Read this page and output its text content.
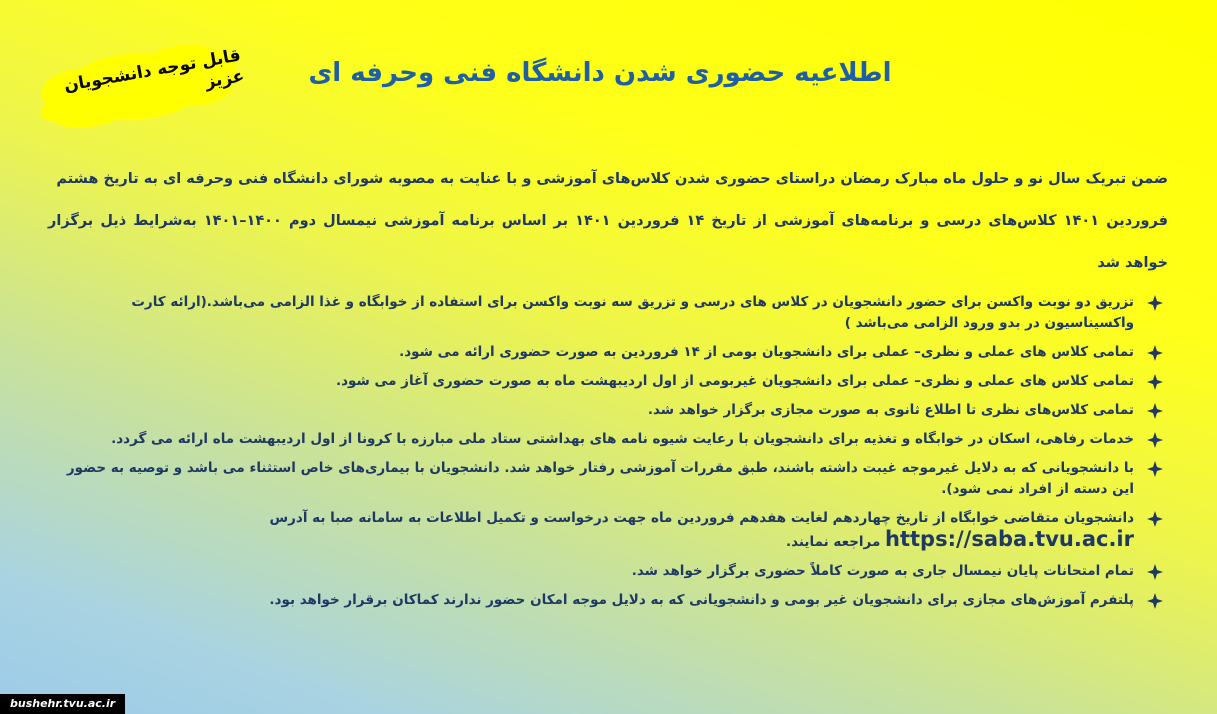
قابل توجه دانشجویان عزیز	اطلاعیه حضوری شدن دانشگاه فنی وحرفه ای

ضمن تبریک سال نو و حلول ماه مبارک رمضان دراستای حضوری شدن کلاس‌های آموزشی و با عنایت به مصوبه شورای دانشگاه فنی وحرفه ای به تاریخ هشتم

فروردین ۱۴۰۱ کلاس‌های درسی و برنامه‌های آموزشی از تاریخ ۱۴ فروردین ۱۴۰۱ بر اساس برنامه آموزشی نیمسال دوم ۱۴۰۰–۱۴۰۱ به‌شرایط ذیل برگزار خواهد شد

تزریق دو نوبت واکسن برای حضور دانشجویان در کلاس های درسی و تزریق سه نوبت واکسن برای استفاده از خوابگاه و غذا الزامی می‌باشد.(ارائه کارت واکسیناسیون در بدو ورود الزامی می‌باشد )
تمامی کلاس های عملی و نظری– عملی برای دانشجویان بومی از ۱۴ فروردین به صورت حضوری ارائه می شود.
تمامی کلاس های عملی و نظری– عملی برای دانشجویان غیربومی از اول اردیبهشت ماه به صورت حضوری آغاز می شود.
تمامی کلاس‌های نظری تا اطلاع ثانوی به صورت مجازی برگزار خواهد شد.
خدمات رفاهی، اسکان در خوابگاه و تغذیه برای دانشجویان با رعایت شیوه نامه های بهداشتی ستاد ملی مبارزه با کرونا از اول اردیبهشت ماه ارائه می گردد.
با دانشجویانی که به دلایل غیرموجه غیبت داشته باشند، طبق مقررات آموزشی رفتار خواهد شد. دانشجویان با بیماری‌های خاص استثناء می باشد و توصیه به حضور این دسته از افراد نمی شود).
دانشجویان متقاضی خوابگاه از تاریخ چهاردهم لغایت هفدهم فروردین ماه جهت درخواست و تکمیل اطلاعات به سامانه صبا به آدرس
https://saba.tvu.ac.ir مراجعه نمایند.
تمام امتحانات پایان نیمسال جاری به صورت کاملاً حضوری برگزار خواهد شد.
پلتفرم آموزش‌های مجازی برای دانشجویان غیر بومی و دانشجویانی که به دلایل موجه امکان حضور ندارند کماکان برقرار خواهد بود.
bushehr.tvu.ac.ir
